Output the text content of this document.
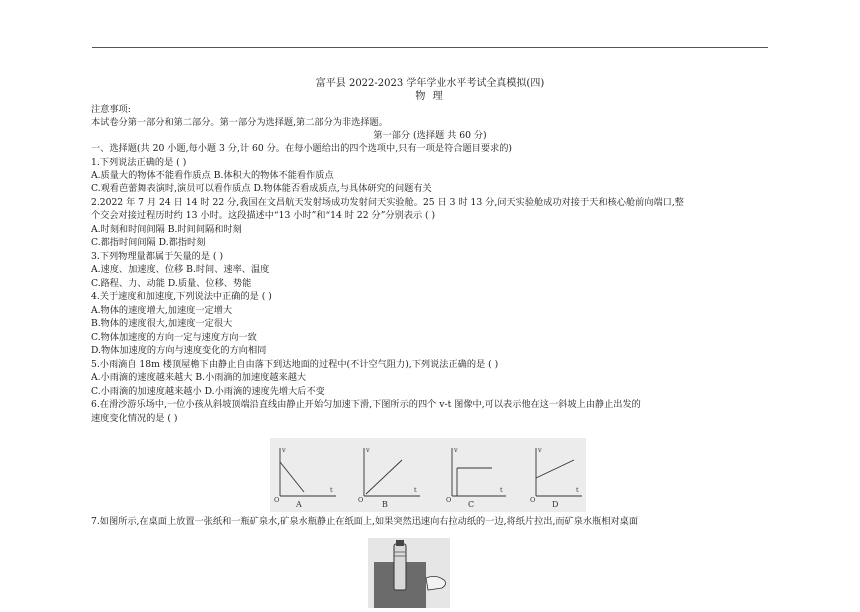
富平县 2022-2023 学年学业水平考试全真模拟(四)
物 理
注意事项:
本试卷分第一部分和第二部分。第一部分为选择题,第二部分为非选择题。
第一部分 (选择题 共 60 分)
一、选择题(共 20 小题,每小题 3 分,计 60 分。在每小题给出的四个选项中,只有一项是符合题目要求的)
1.下列说法正确的是 ( )
A.质量大的物体不能看作质点 B.体积大的物体不能看作质点
C.观看芭蕾舞表演时,演员可以看作质点 D.物体能否看成质点,与具体研究的问题有关
2.2022 年 7 月 24 日 14 时 22 分,我国在文昌航天发射场成功发射问天实验舱。25 日 3 时 13 分,问天实验舱成功对接于天和核心舱前向端口,整
个交会对接过程历时约 13 小时。这段描述中“13 小时”和“14 时 22 分”分别表示 ( )
A.时刻和时间间隔 B.时间间隔和时刻
C.都指时间间隔 D.都指时刻
3.下列物理量都属于矢量的是 ( )
A.速度、加速度、位移 B.时间、速率、温度
C.路程、力、动能 D.质量、位移、势能
4.关于速度和加速度,下列说法中正确的是 ( )
A.物体的速度增大,加速度一定增大
B.物体的速度很大,加速度一定很大
C.物体加速度的方向一定与速度方向一致
D.物体加速度的方向与速度变化的方向相同
5.小雨滴自 18m 楼顶屋檐下由静止自由落下到达地面的过程中(不计空气阻力),下列说法正确的是 ( )
A.小雨滴的速度越来越大 B.小雨滴的加速度越来越大
C.小雨滴的加速度越来越小 D.小雨滴的速度先增大后不变
6.在滑沙游乐场中,一位小孩从斜坡顶端沿直线由静止开始匀加速下滑,下图所示的四个 v-t 图像中,可以表示他在这一斜坡上由静止出发的
速度变化情况的是 ( )
v
t
O A
v
t
O B
v
t
O C
v
t
O D
7.如图所示,在桌面上放置一张纸和一瓶矿泉水,矿泉水瓶静止在纸面上,如果突然迅速向右拉动纸的一边,将纸片拉出,而矿泉水瓶相对桌面
